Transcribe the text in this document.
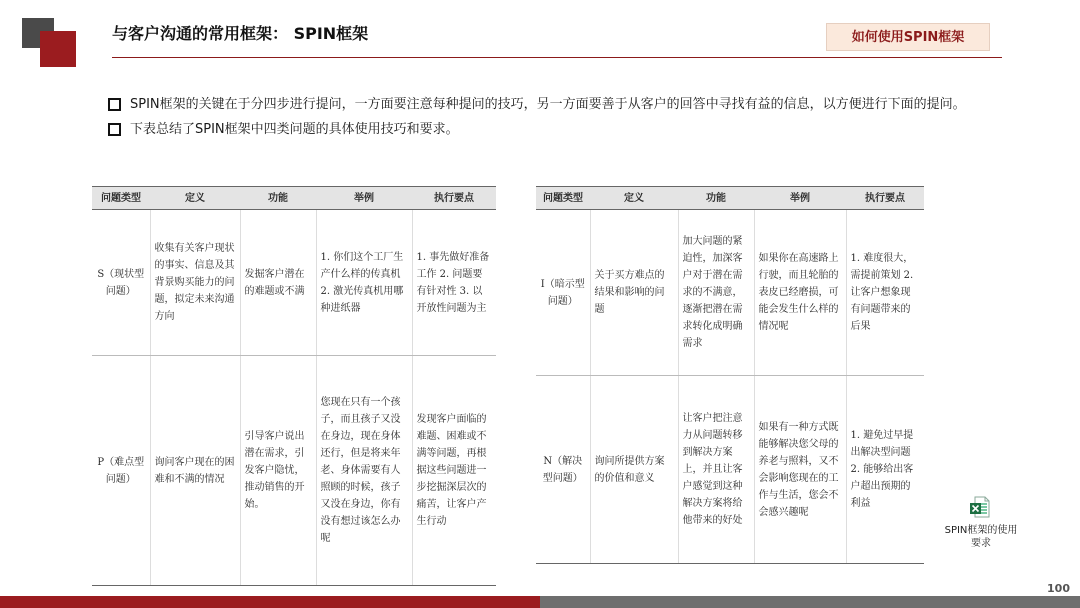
与客户沟通的常用框架： SPIN框架	如何使用SPIN框架
SPIN框架的关键在于分四步进行提问，一方面要注意每种提问的技巧，另一方面要善于从客户的回答中寻找有益的信息，以方便进行下面的提问。
下表总结了SPIN框架中四类问题的具体使用技巧和要求。
问题类型	定义	功能	举例	执行要点
S（现状型问题）	收集有关客户现状的事实、信息及其背景购买能力的问题，拟定未来沟通方向	发掘客户潜在的难题或不满	1. 你们这个工厂生产什么样的传真机 2. 激光传真机用哪种进纸器	1. 事先做好准备工作 2. 问题要有针对性 3. 以开放性问题为主
P（难点型问题）	询问客户现在的困难和不满的情况	引导客户说出潜在需求，引发客户隐忧，推动销售的开始。	您现在只有一个孩子，而且孩子又没在身边，现在身体还行，但是将来年老、身体需要有人照顾的时候，孩子又没在身边，你有没有想过该怎么办呢	发现客户面临的难题、困难或不满等问题，再根据这些问题进一步挖掘深层次的痛苦，让客户产生行动
问题类型	定义	功能	举例	执行要点
I（暗示型问题）	关于买方难点的结果和影响的问题	加大问题的紧迫性，加深客户对于潜在需求的不满意，逐渐把潜在需求转化成明确需求	如果你在高速路上行驶，而且轮胎的表皮已经磨损，可能会发生什么样的情况呢	1. 难度很大，需提前策划 2. 让客户想象现有问题带来的后果
N（解决型问题）	询问所提供方案的价值和意义	让客户把注意力从问题转移到解决方案上，并且让客户感觉到这种解决方案将给他带来的好处	如果有一种方式既能够解决您父母的养老与照料，又不会影响您现在的工作与生活，您会不会感兴趣呢	1. 避免过早提出解决型问题 2. 能够给出客户超出预期的利益
SPIN框架的使用要求
100
